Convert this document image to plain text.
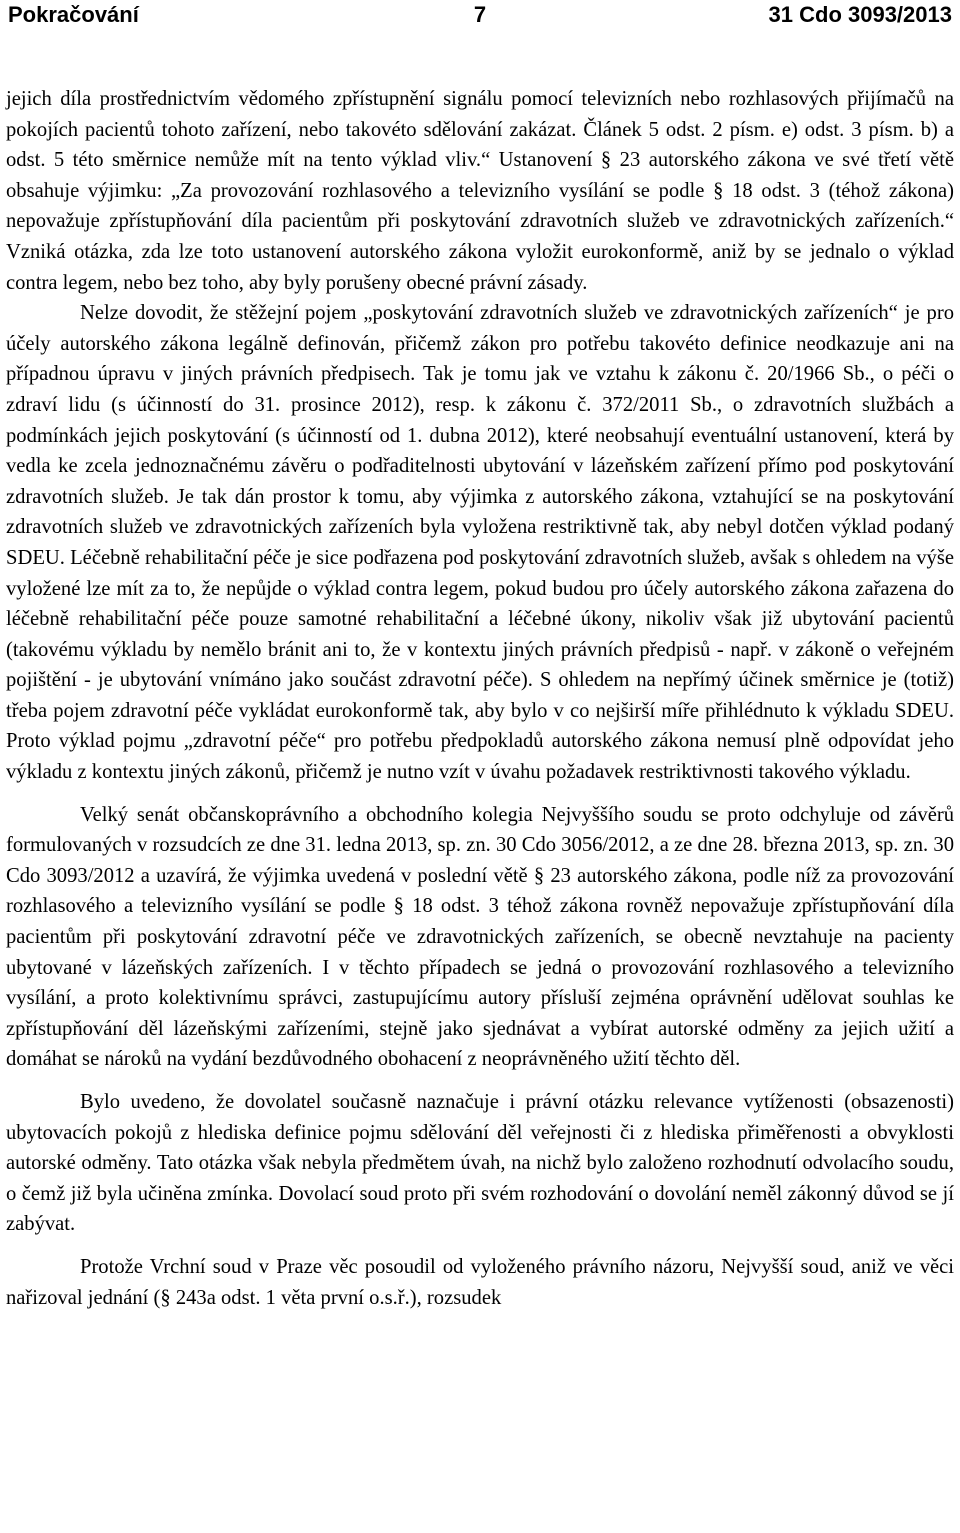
7
Pokračování	31 Cdo 3093/2013

jejich díla prostřednictvím vědomého zpřístupnění signálu pomocí televizních nebo rozhlasových přijímačů na pokojích pacientů tohoto zařízení, nebo takovéto sdělování zakázat. Článek 5 odst. 2 písm. e) odst. 3 písm. b) a odst. 5 této směrnice nemůže mít na tento výklad vliv.“ Ustanovení § 23 autorského zákona ve své třetí větě obsahuje výjimku: „Za provozování rozhlasového a televizního vysílání se podle § 18 odst. 3 (téhož zákona) nepovažuje zpřístupňování díla pacientům při poskytování zdravotních služeb ve zdravotnických zařízeních.“ Vzniká otázka, zda lze toto ustanovení autorského zákona vyložit eurokonformě, aniž by se jednalo o výklad contra legem, nebo bez toho, aby byly porušeny obecné právní zásady.

Nelze dovodit, že stěžejní pojem „poskytování zdravotních služeb ve zdravotnických zařízeních“ je pro účely autorského zákona legálně definován, přičemž zákon pro potřebu takovéto definice neodkazuje ani na případnou úpravu v jiných právních předpisech. Tak je tomu jak ve vztahu k zákonu č. 20/1966 Sb., o péči o zdraví lidu (s účinností do 31. prosince 2012), resp. k zákonu č. 372/2011 Sb., o zdravotních službách a podmínkách jejich poskytování (s účinností od 1. dubna 2012), které neobsahují eventuální ustanovení, která by vedla ke zcela jednoznačnému závěru o podřaditelnosti ubytování v lázeňském zařízení přímo pod poskytování zdravotních služeb. Je tak dán prostor k tomu, aby výjimka z autorského zákona, vztahující se na poskytování zdravotních služeb ve zdravotnických zařízeních byla vyložena restriktivně tak, aby nebyl dotčen výklad podaný SDEU. Léčebně rehabilitační péče je sice podřazena pod poskytování zdravotních služeb, avšak s ohledem na výše vyložené lze mít za to, že nepůjde o výklad contra legem, pokud budou pro účely autorského zákona zařazena do léčebně rehabilitační péče pouze samotné rehabilitační a léčebné úkony, nikoliv však již ubytování pacientů (takovému výkladu by nemělo bránit ani to, že v kontextu jiných právních předpisů - např. v zákoně o veřejném pojištění - je ubytování vnímáno jako součást zdravotní péče). S ohledem na nepřímý účinek směrnice je (totiž) třeba pojem zdravotní péče vykládat eurokonformě tak, aby bylo v co nejširší míře přihlédnuto k výkladu SDEU. Proto výklad pojmu „zdravotní péče“ pro potřebu předpokladů autorského zákona nemusí plně odpovídat jeho výkladu z kontextu jiných zákonů, přičemž je nutno vzít v úvahu požadavek restriktivnosti takového výkladu.

Velký senát občanskoprávního a obchodního kolegia Nejvyššího soudu se proto odchyluje od závěrů formulovaných v rozsudcích ze dne 31. ledna 2013, sp. zn. 30 Cdo 3056/2012, a ze dne 28. března 2013, sp. zn. 30 Cdo 3093/2012 a uzavírá, že výjimka uvedená v poslední větě § 23 autorského zákona, podle níž za provozování rozhlasového a televizního vysílání se podle § 18 odst. 3 téhož zákona rovněž nepovažuje zpřístupňování díla pacientům při poskytování zdravotní péče ve zdravotnických zařízeních, se obecně nevztahuje na pacienty ubytované v lázeňských zařízeních. I v těchto případech se jedná o provozování rozhlasového a televizního vysílání, a proto kolektivnímu správci, zastupujícímu autory přísluší zejména oprávnění udělovat souhlas ke zpřístupňování děl lázeňskými zařízeními, stejně jako sjednávat a vybírat autorské odměny za jejich užití a domáhat se nároků na vydání bezdůvodného obohacení z neoprávněného užití těchto děl.

Bylo uvedeno, že dovolatel současně naznačuje i právní otázku relevance vytíženosti (obsazenosti) ubytovacích pokojů z hlediska definice pojmu sdělování děl veřejnosti či z hlediska přiměřenosti a obvyklosti autorské odměny. Tato otázka však nebyla předmětem úvah, na nichž bylo založeno rozhodnutí odvolacího soudu, o čemž již byla učiněna zmínka. Dovolací soud proto při svém rozhodování o dovolání neměl zákonný důvod se jí zabývat.

Protože Vrchní soud v Praze věc posoudil od vyloženého právního názoru, Nejvyšší soud, aniž ve věci nařizoval jednání (§ 243a odst. 1 věta první o.s.ř.), rozsudek
